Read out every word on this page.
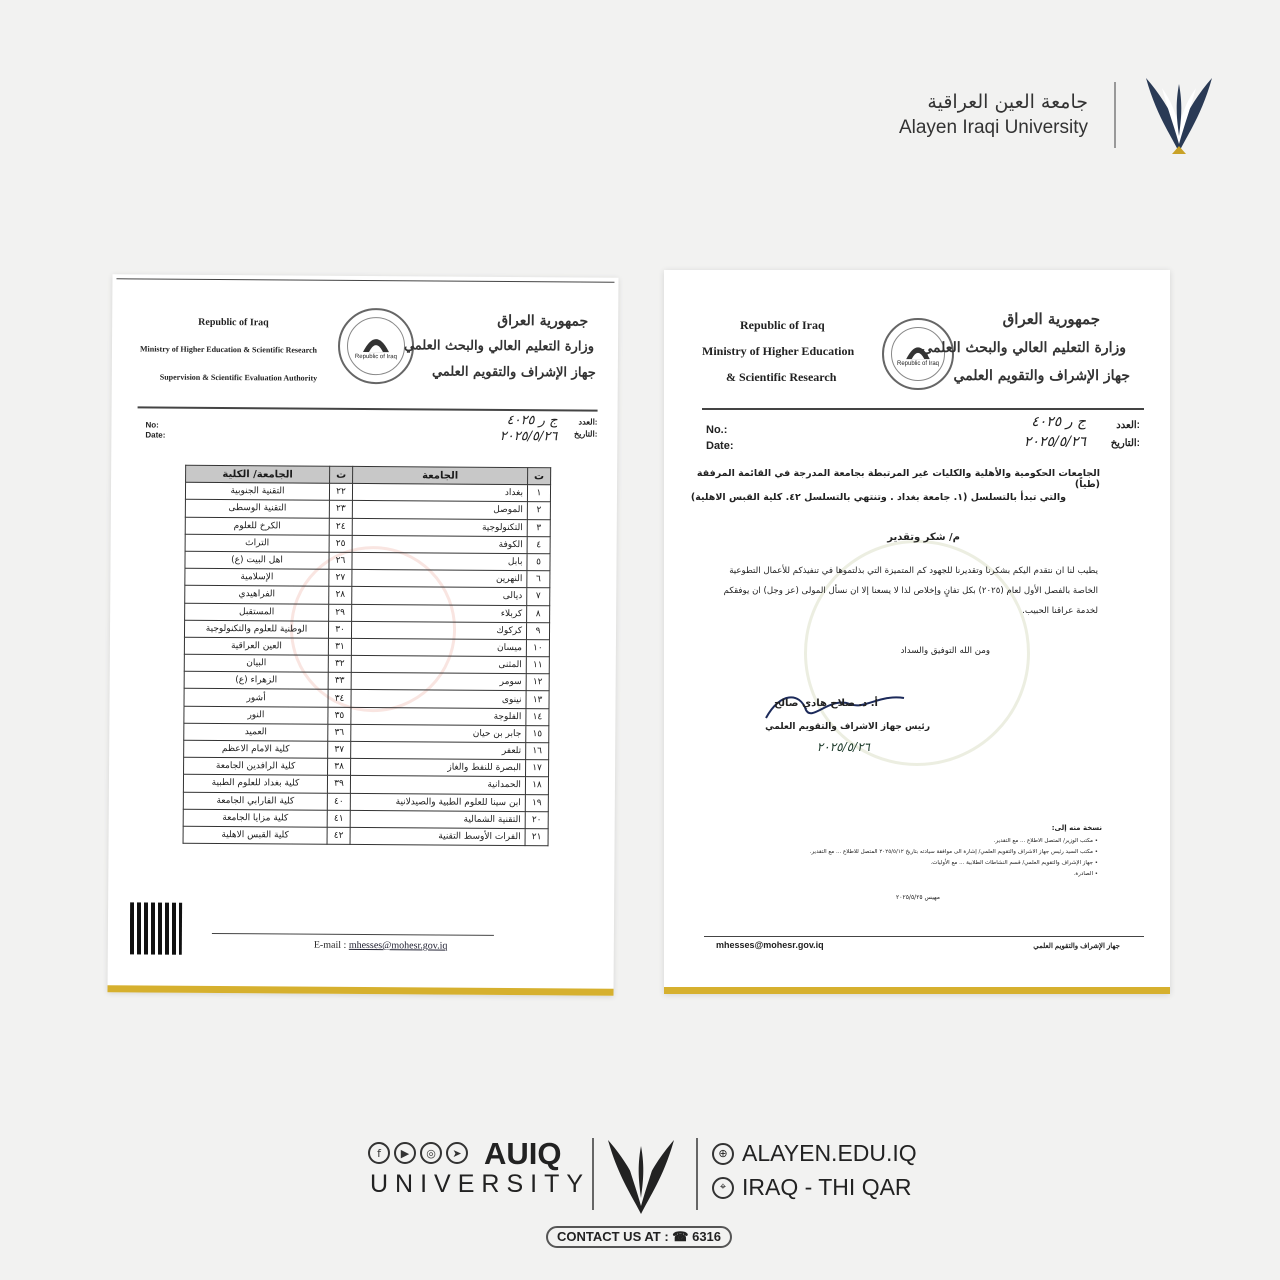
جامعة العين العراقية
Alayen Iraqi University
Republic of Iraq
Ministry of Higher Education & Scientific Research
Supervision & Scientific Evaluation Authority
Republic of Iraq
جمهورية العراق
وزارة التعليم العالي والبحث العلمي
جهاز الإشراف والتقويم العلمي
No:
Date:
العدد:
التاريخ:
ج ر ٤٠٢٥
٢٠٢٥/٥/٢٦
ت	الجامعة	ت	الجامعة/ الكلية
١	بغداد	٢٢	التقنية الجنوبية
٢	الموصل	٢٣	التقنية الوسطى
٣	التكنولوجية	٢٤	الكرخ للعلوم
٤	الكوفة	٢٥	التراث
٥	بابل	٢٦	اهل البيت (ع)
٦	النهرين	٢٧	الإسلامية
٧	ديالى	٢٨	الفراهيدي
٨	كربلاء	٢٩	المستقبل
٩	كركوك	٣٠	الوطنية للعلوم والتكنولوجية
١٠	ميسان	٣١	العين العراقية
١١	المثنى	٣٢	البيان
١٢	سومر	٣٣	الزهراء (ع)
١٣	نينوى	٣٤	أشور
١٤	الفلوجة	٣٥	النور
١٥	جابر بن حيان	٣٦	العميد
١٦	تلعفر	٣٧	كلية الامام الاعظم
١٧	البصرة للنفط والغاز	٣٨	كلية الرافدين الجامعة
١٨	الحمدانية	٣٩	كلية بغداد للعلوم الطبية
١٩	ابن سينا للعلوم الطبية والصيدلانية	٤٠	كلية الفارابي الجامعة
٢٠	التقنية الشمالية	٤١	كلية مزايا الجامعة
٢١	الفرات الأوسط التقنية	٤٢	كلية القبس الاهلية
E-mail : mhesses@mohesr.gov.iq
Republic of Iraq
Ministry of Higher Education
& Scientific Research
Republic of Iraq
جمهورية العراق
وزارة التعليم العالي والبحث العلمي
جهاز الإشراف والتقويم العلمي
No.:
Date:
العدد:
التاريخ:
ج ر ٤٠٢٥
٢٠٢٥/٥/٢٦
الجامعات الحكومية والأهلية والكليات غير المرتبطة بجامعة المدرجة في القائمة المرفقة (طياً)
والتي تبدأ بالتسلسل (١. جامعة بغداد . وتنتهي بالتسلسل ٤٢. كلية القبس الاهلية)
م/ شكر وتقدير
يطيب لنا ان نتقدم اليكم بشكرنا وتقديرنا للجهود كم المتميزة التي بذلتموها في تنفيذكم للأعمال التطوعية
الخاصة بالفصل الأول لعام (٢٠٢٥) بكل تفانٍ وإخلاص لذا لا يسعنا إلا ان نسأل المولى (عز وجل) ان يوفقكم
لخدمة عراقنا الحبيب.
ومن الله التوفيق والسداد
أ. د. صلاح هادي صالح
رئيس جهاز الاشراف والتقويم العلمي
٢٠٢٥/٥/٢٦
نسخة منه إلى:
• مكتب الوزير/ المتصل الاطلاع ... مع التقدير.
• مكتب السيد رئيس جهاز الاشراف والتقويم العلمي/ إشارة الى موافقة سيادته بتاريخ ٢٠٢٥/٥/١٢ المتصل للاطلاع ... مع التقدير.
• جهاز الإشراف والتقويم العلمي/ قسم النشاطات الطلابية ... مع الأوليات.
• الصادرة.
مهيس ٢٠٢٥/٥/٢٥
mhesses@mohesr.gov.iq	جهاز الإشراف والتقويم العلمي
f	▶	◎	➤ AUIQ
UNIVERSITY
⊕ ALAYEN.EDU.IQ
⌖ IRAQ - THI QAR
CONTACT US AT : ☎ 6316
